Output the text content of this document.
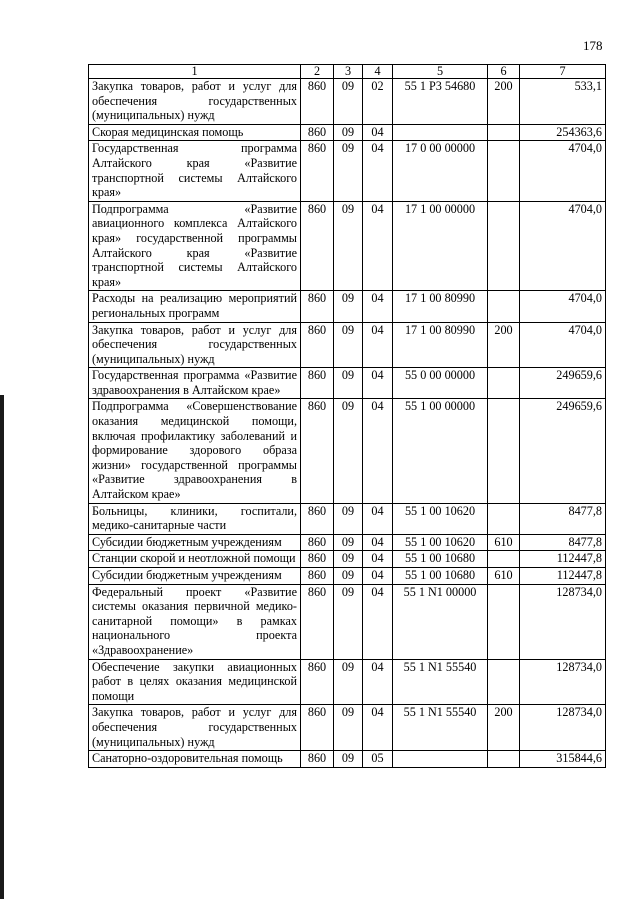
178
1	2	3	4	5	6	7
Закупка товаров, работ и услуг для обеспечения государственных (муниципальных) нужд	860	09	02	55 1 Р3 54680	200	533,1
Скорая медицинская помощь	860	09	04			254363,6
Государственная программа Алтайского края «Развитие транспортной системы Алтайского края»	860	09	04	17 0 00 00000		4704,0
Подпрограмма «Развитие авиационного комплекса Алтайского края» государственной программы Алтайского края «Развитие транспортной системы Алтайского края»	860	09	04	17 1 00 00000		4704,0
Расходы на реализацию мероприятий региональных программ	860	09	04	17 1 00 80990		4704,0
Закупка товаров, работ и услуг для обеспечения государственных (муниципальных) нужд	860	09	04	17 1 00 80990	200	4704,0
Государственная программа «Развитие здравоохранения в Алтайском крае»	860	09	04	55 0 00 00000		249659,6
Подпрограмма «Совершенствование оказания медицинской помощи, включая профилактику заболеваний и формирование здорового образа жизни» государственной программы «Развитие здравоохранения в Алтайском крае»	860	09	04	55 1 00 00000		249659,6
Больницы, клиники, госпитали, медико-санитарные части	860	09	04	55 1 00 10620		8477,8
Субсидии бюджетным учреждениям	860	09	04	55 1 00 10620	610	8477,8
Станции скорой и неотложной помощи	860	09	04	55 1 00 10680		112447,8
Субсидии бюджетным учреждениям	860	09	04	55 1 00 10680	610	112447,8
Федеральный проект «Развитие системы оказания первичной медико-санитарной помощи» в рамках национального проекта «Здравоохранение»	860	09	04	55 1 N1 00000		128734,0
Обеспечение закупки авиационных работ в целях оказания медицинской помощи	860	09	04	55 1 N1 55540		128734,0
Закупка товаров, работ и услуг для обеспечения государственных (муниципальных) нужд	860	09	04	55 1 N1 55540	200	128734,0
Санаторно-оздоровительная помощь	860	09	05			315844,6
